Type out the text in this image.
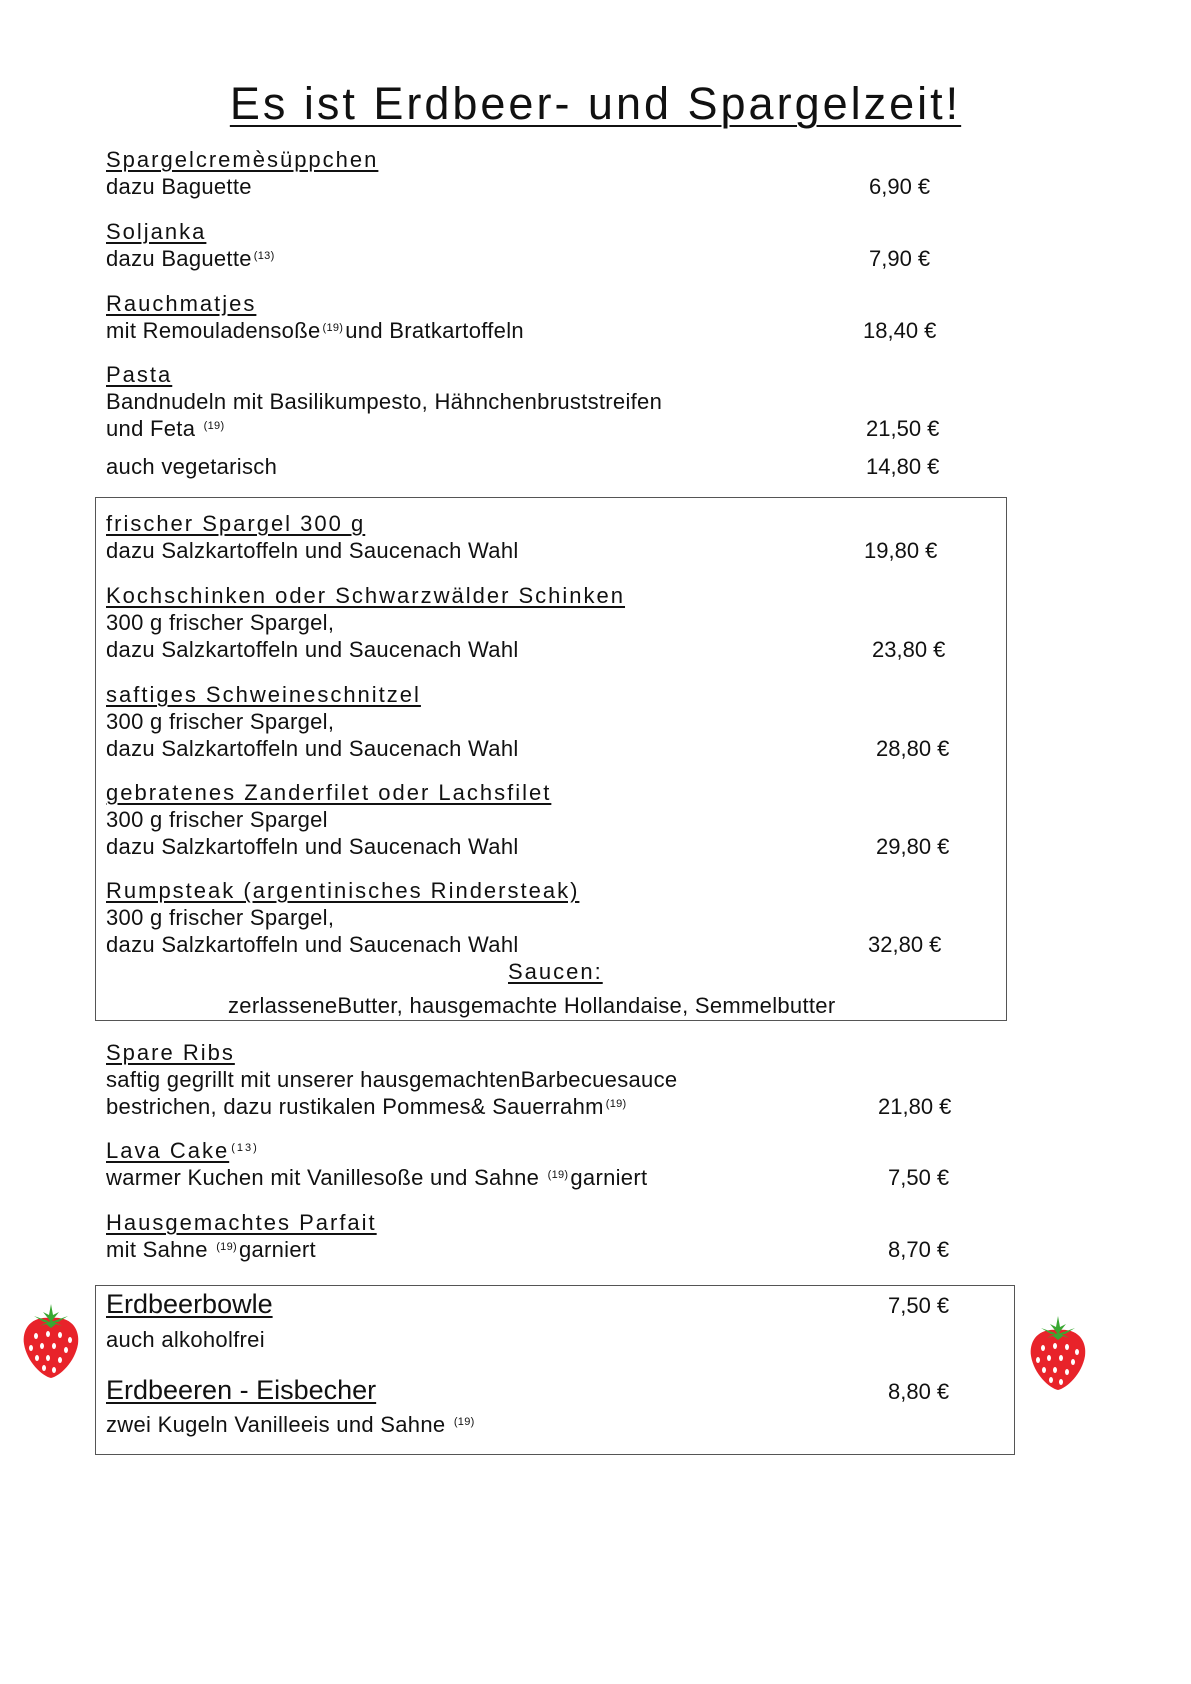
Es ist Erdbeer- und Spargelzeit!
Spargelcremèsüppchen
dazu Baguette	6,90 €
Soljanka
dazu Baguette $^{(13)}$	7,90 €
Rauchmatjes
mit Remouladensoße $^{(19)}$und Bratkartoffeln	18,40 €
Pasta
Bandnudeln mit Basilikumpesto, Hähnchenbruststreifen
und Feta $^{(19)}$	21,50 €
auch vegetarisch	14,80 €
frischer Spargel 300 g
dazu Salzkartoffeln und Saucenach Wahl	19,80 €
Kochschinken oder Schwarzwälder Schinken
300 g frischer Spargel,
dazu Salzkartoffeln und Saucenach Wahl	23,80 €
saftiges Schweineschnitzel
300 g frischer Spargel,
dazu Salzkartoffeln und Saucenach Wahl	28,80 €
gebratenes Zanderfilet oder Lachsfilet
300 g frischer Spargel
dazu Salzkartoffeln und Saucenach Wahl	29,80 €
Rumpsteak (argentinisches Rindersteak)
300 g frischer Spargel,
dazu Salzkartoffeln und Saucenach Wahl	32,80 €
Saucen:
zerlasseneButter, hausgemachte Hollandaise, Semmelbutter
Spare Ribs
saftig gegrillt mit unserer hausgemachtenBarbecuesauce
bestrichen, dazu rustikalen Pommes& Sauerrahm $^{(19)}$	21,80 €
Lava Cake $^{(13)}$
warmer Kuchen mit Vanillesoße und Sahne $^{(19)}$garniert	7,50 €
Hausgemachtes Parfait
mit Sahne $^{(19)}$garniert	8,70 €
Erdbeerbowle	7,50 €
auch alkoholfrei
Erdbeeren - Eisbecher	8,80 €
zwei Kugeln Vanilleeis und Sahne $^{(19)}$
